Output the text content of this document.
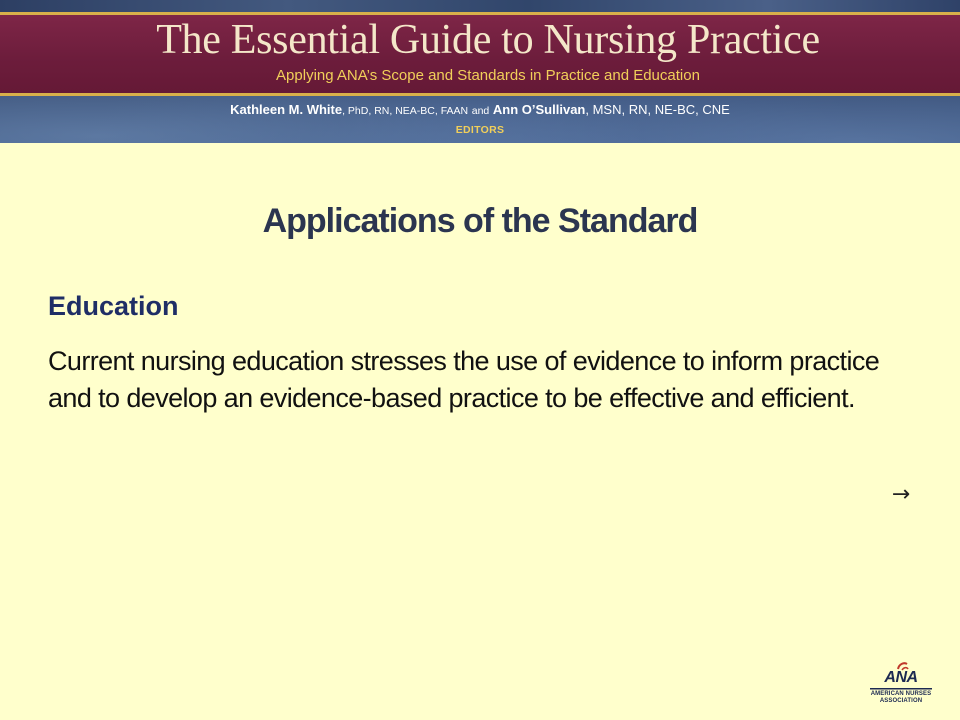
The Essential Guide to Nursing Practice
Applying ANA’s Scope and Standards in Practice and Education
Kathleen M. White, PhD, RN, NEA-BC, FAAN and Ann O’Sullivan, MSN, RN, NE-BC, CNE
EDITORS
Applications of the Standard
Education
Current nursing education stresses the use of evidence to inform practice and to develop an evidence-based practice to be effective and efficient.
→
ANA
AMERICAN NURSES
ASSOCIATION
